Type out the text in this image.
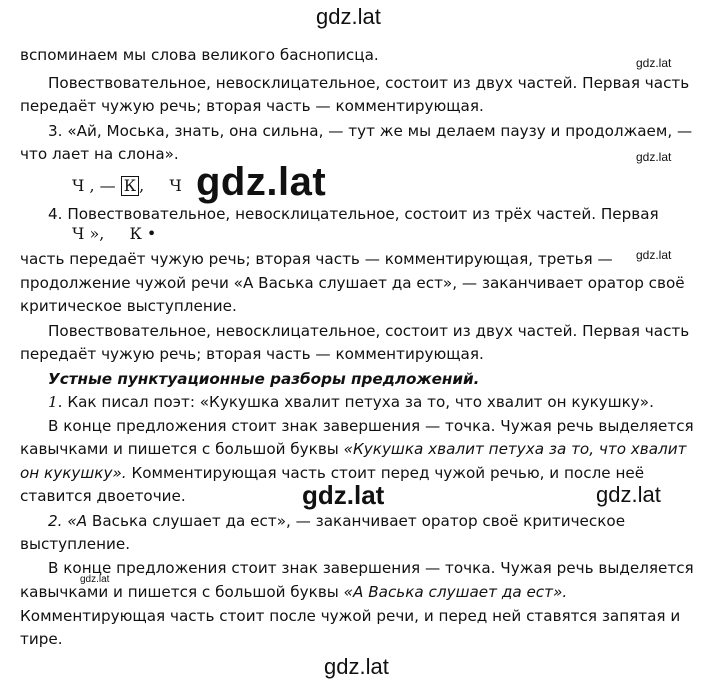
gdz.lat
gdz.lat
gdz.lat
gdz.lat
gdz.lat
gdz.lat	gdz.lat
gdz.lat
gdz.lat
вспоминаем мы слова великого баснописца.
Повествовательное, невосклицательное, состоит из двух частей. Первая часть
передаёт чужую речь; вторая часть — комментирующая.
3. «Ай, Моська, знать, она сильна, — тут же мы делаем паузу и продолжаем, —
что лает на слона».
Ч , — К , Ч
4. Повествовательное, невосклицательное, состоит из трёх частей. Первая
Ч », К •
часть передаёт чужую речь; вторая часть — комментирующая, третья —
продолжение чужой речи «А Васька слушает да ест», — заканчивает оратор своё
критическое выступление.
Повествовательное, невосклицательное, состоит из двух частей. Первая часть
передаёт чужую речь; вторая часть — комментирующая.
Устные пунктуационные разборы предложений.
1. Как писал поэт: «Кукушка хвалит петуха за то, что хвалит он кукушку».
В конце предложения стоит знак завершения — точка. Чужая речь выделяется
кавычками и пишется с большой буквы «Кукушка хвалит петуха за то, что хвалит
он кукушку». Комментирующая часть стоит перед чужой речью, и после неё
ставится двоеточие.
2. «А Васька слушает да ест», — заканчивает оратор своё критическое
выступление.
В конце предложения стоит знак завершения — точка. Чужая речь выделяется
кавычками и пишется с большой буквы «А Васька слушает да ест».
Комментирующая часть стоит после чужой речи, и перед ней ставятся запятая и
тире.
